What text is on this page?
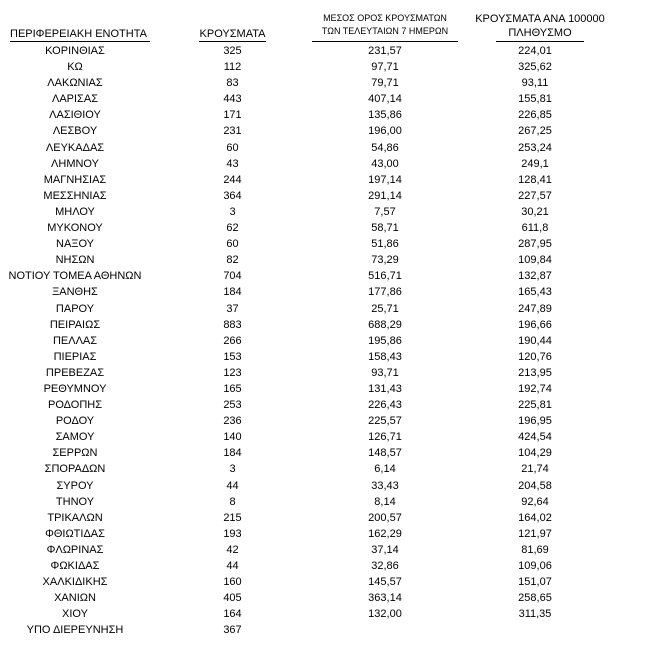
ΠΕΡΙΦΕΡΕΙΑΚΗ ΕΝΟΤΗΤΑ	ΚΡΟΥΣΜΑΤΑ
ΜΕΣΟΣ ΟΡΟΣ ΚΡΟΥΣΜΑΤΩΝ
ΤΩΝ ΤΕΛΕΥΤΑΙΩΝ 7 ΗΜΕΡΩΝ
ΚΡΟΥΣΜΑΤΑ ΑΝΑ 100000
ΠΛΗΘΥΣΜΟ
ΚΟΡΙΝΘΙΑΣ	325	231,57	224,01
ΚΩ	112	97,71	325,62
ΛΑΚΩΝΙΑΣ	83	79,71	93,11
ΛΑΡΙΣΑΣ	443	407,14	155,81
ΛΑΣΙΘΙΟΥ	171	135,86	226,85
ΛΕΣΒΟΥ	231	196,00	267,25
ΛΕΥΚΑΔΑΣ	60	54,86	253,24
ΛΗΜΝΟΥ	43	43,00	249,1
ΜΑΓΝΗΣΙΑΣ	244	197,14	128,41
ΜΕΣΣΗΝΙΑΣ	364	291,14	227,57
ΜΗΛΟΥ	3	7,57	30,21
ΜΥΚΟΝΟΥ	62	58,71	611,8
ΝΑΞΟΥ	60	51,86	287,95
ΝΗΣΩΝ	82	73,29	109,84
ΝΟΤΙΟΥ ΤΟΜΕΑ ΑΘΗΝΩΝ	704	516,71	132,87
ΞΑΝΘΗΣ	184	177,86	165,43
ΠΑΡΟΥ	37	25,71	247,89
ΠΕΙΡΑΙΩΣ	883	688,29	196,66
ΠΕΛΛΑΣ	266	195,86	190,44
ΠΙΕΡΙΑΣ	153	158,43	120,76
ΠΡΕΒΕΖΑΣ	123	93,71	213,95
ΡΕΘΥΜΝΟΥ	165	131,43	192,74
ΡΟΔΟΠΗΣ	253	226,43	225,81
ΡΟΔΟΥ	236	225,57	196,95
ΣΑΜΟΥ	140	126,71	424,54
ΣΕΡΡΩΝ	184	148,57	104,29
ΣΠΟΡΑΔΩΝ	3	6,14	21,74
ΣΥΡΟΥ	44	33,43	204,58
ΤΗΝΟΥ	8	8,14	92,64
ΤΡΙΚΑΛΩΝ	215	200,57	164,02
ΦΘΙΩΤΙΔΑΣ	193	162,29	121,97
ΦΛΩΡΙΝΑΣ	42	37,14	81,69
ΦΩΚΙΔΑΣ	44	32,86	109,06
ΧΑΛΚΙΔΙΚΗΣ	160	145,57	151,07
ΧΑΝΙΩΝ	405	363,14	258,65
ΧΙΟΥ	164	132,00	311,35
ΥΠΟ ΔΙΕΡΕΥΝΗΣΗ	367
